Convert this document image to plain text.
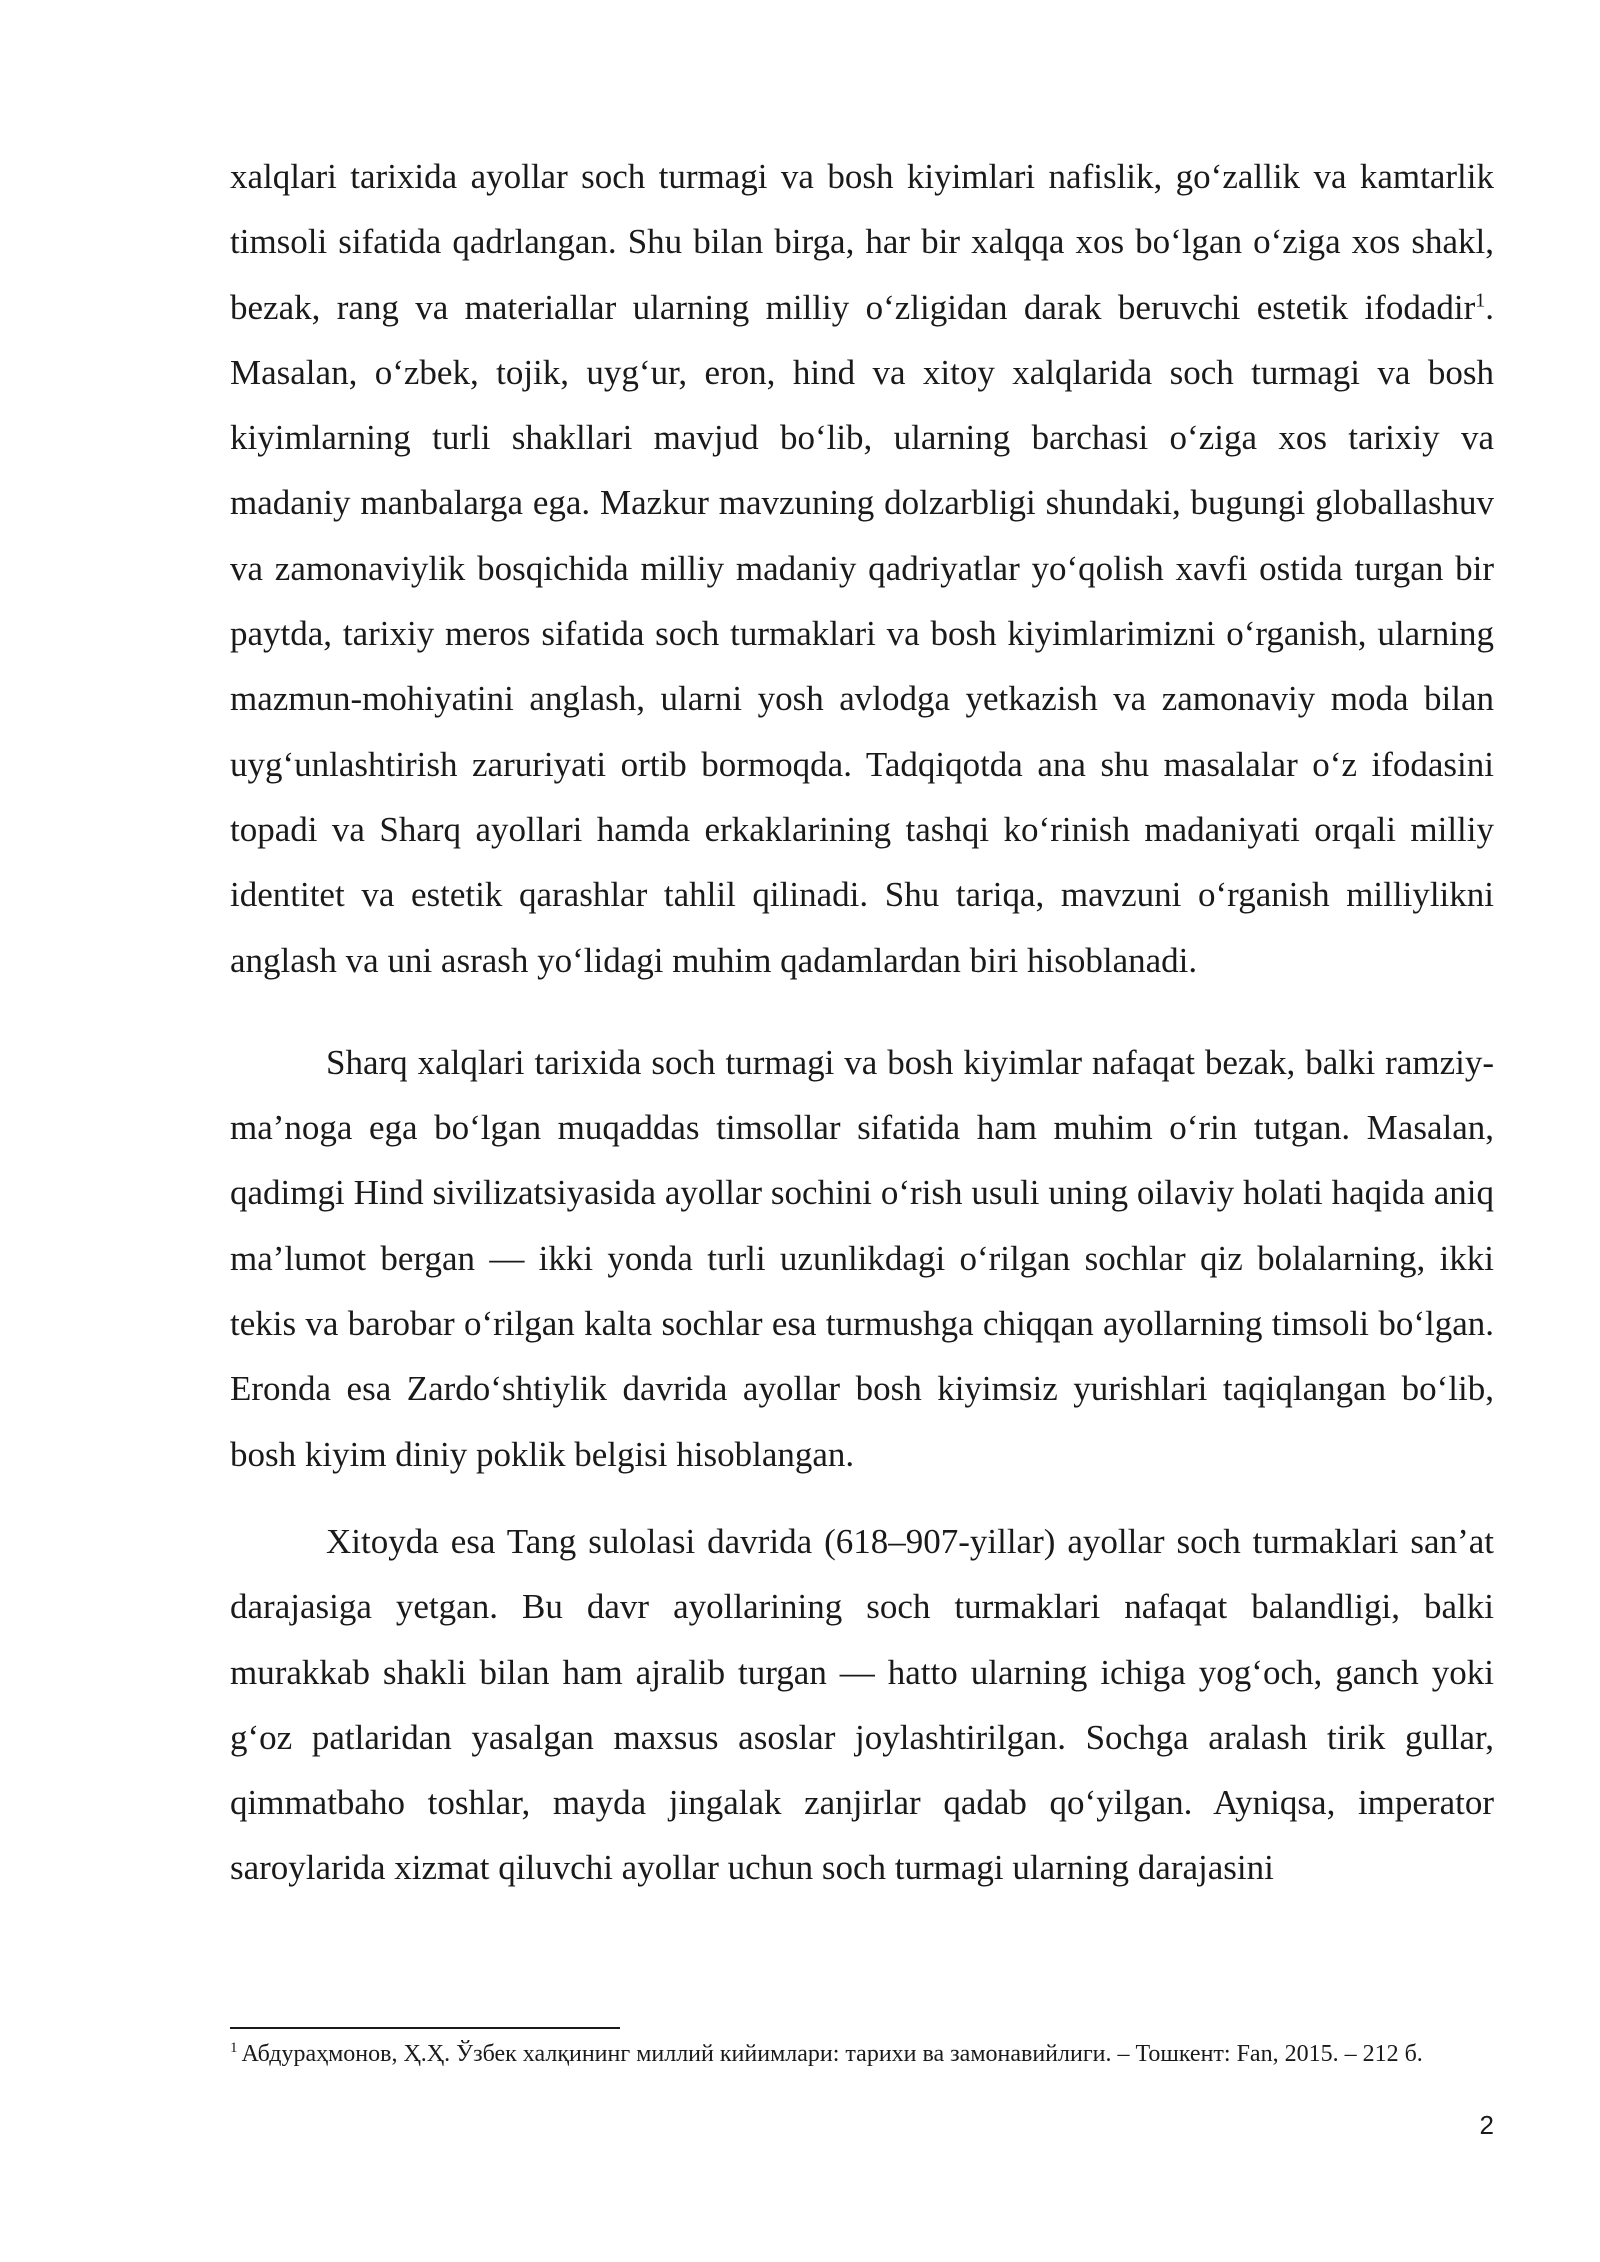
xalqlari tarixida ayollar soch turmagi va bosh kiyimlari nafislik, go‘zallik va kamtarlik timsoli sifatida qadrlangan. Shu bilan birga, har bir xalqqa xos bo‘lgan o‘ziga xos shakl, bezak, rang va materiallar ularning milliy o‘zligidan darak beruvchi estetik ifodadir$^1$. Masalan, o‘zbek, tojik, uyg‘ur, eron, hind va xitoy xalqlarida soch turmagi va bosh kiyimlarning turli shakllari mavjud bo‘lib, ularning barchasi o‘ziga xos tarixiy va madaniy manbalarga ega. Mazkur mavzuning dolzarbligi shundaki, bugungi globallashuv va zamonaviylik bosqichida milliy madaniy qadriyatlar yo‘qolish xavfi ostida turgan bir paytda, tarixiy meros sifatida soch turmaklari va bosh kiyimlarimizni o‘rganish, ularning mazmun-mohiyatini anglash, ularni yosh avlodga yetkazish va zamonaviy moda bilan uyg‘unlashtirish zaruriyati ortib bormoqda. Tadqiqotda ana shu masalalar o‘z ifodasini topadi va Sharq ayollari hamda erkaklarining tashqi ko‘rinish madaniyati orqali milliy identitet va estetik qarashlar tahlil qilinadi. Shu tariqa, mavzuni o‘rganish milliylikni anglash va uni asrash yo‘lidagi muhim qadamlardan biri hisoblanadi.

Sharq xalqlari tarixida soch turmagi va bosh kiyimlar nafaqat bezak, balki ramziy-ma’noga ega bo‘lgan muqaddas timsollar sifatida ham muhim o‘rin tutgan. Masalan, qadimgi Hind sivilizatsiyasida ayollar sochini o‘rish usuli uning oilaviy holati haqida aniq ma’lumot bergan — ikki yonda turli uzunlikdagi o‘rilgan sochlar qiz bolalarning, ikki tekis va barobar o‘rilgan kalta sochlar esa turmushga chiqqan ayollarning timsoli bo‘lgan. Eronda esa Zardo‘shtiylik davrida ayollar bosh kiyimsiz yurishlari taqiqlangan bo‘lib, bosh kiyim diniy poklik belgisi hisoblangan.

Xitoyda esa Tang sulolasi davrida (618–907-yillar) ayollar soch turmaklari san’at darajasiga yetgan. Bu davr ayollarining soch turmaklari nafaqat balandligi, balki murakkab shakli bilan ham ajralib turgan — hatto ularning ichiga yog‘och, ganch yoki g‘oz patlaridan yasalgan maxsus asoslar joylashtirilgan. Sochga aralash tirik gullar, qimmatbaho toshlar, mayda jingalak zanjirlar qadab qo‘yilgan. Ayniqsa, imperator saroylarida xizmat qiluvchi ayollar uchun soch turmagi ularning darajasini

$^1$ Абдураҳмонов, Ҳ.Ҳ. Ўзбек халқининг миллий кийимлари: тарихи ва замонавийлиги. – Тошкент: Fan, 2015. – 212 б.
2
